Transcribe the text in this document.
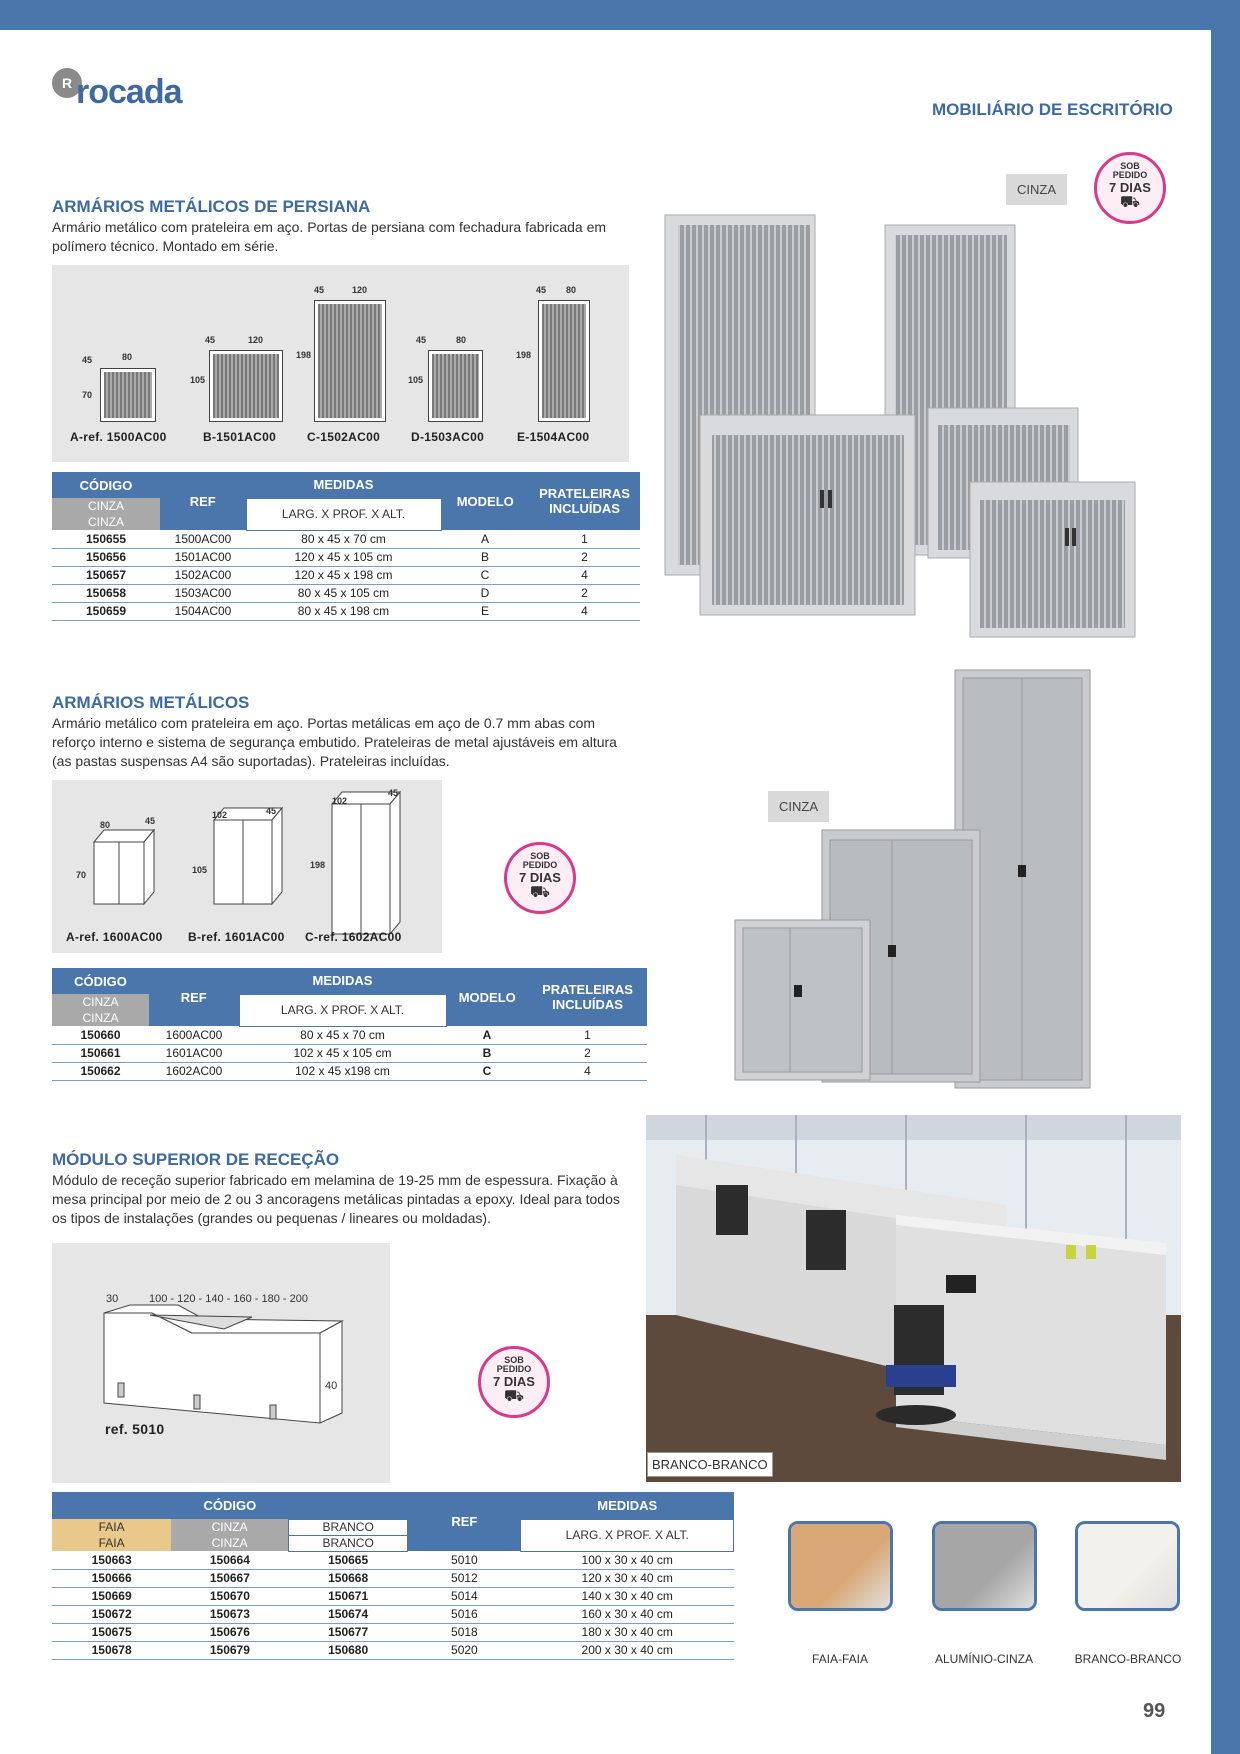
R rocada	MOBILIÁRIO DE ESCRITÓRIO
ARMÁRIOS METÁLICOS DE PERSIANA

Armário metálico com prateleira em aço. Portas de persiana com fechadura fabricada em

polímero técnico. Montado em série.

45	80
70
A-ref. 1500AC00
45	120
105
B-1501AC00
45	120
198
C-1502AC00
45	80
105
D-1503AC00
45 80
198
E-1504AC00
CÓDIGO	REF	MEDIDAS	MODELO	PRATELEIRAS
INCLUÍDAS
CINZA		LARG. X PROF. X ALT.		
CINZA				
150655	1500AC00	80 x 45 x 70 cm	A	1
150656	1501AC00	120 x 45 x 105 cm	B	2
150657	1502AC00	120 x 45 x 198 cm	C	4
150658	1503AC00	80 x 45 x 105 cm	D	2
150659	1504AC00	80 x 45 x 198 cm	E	4
CINZA
SOB
PEDIDO
7 DIAS
⛟
ARMÁRIOS METÁLICOS

Armário metálico com prateleira em aço. Portas metálicas em aço de 0.7 mm abas com

reforço interno e sistema de segurança embutido. Prateleiras de metal ajustáveis em altura

(as pastas suspensas A4 são suportadas). Prateleiras incluídas.

80	45
70
A-ref. 1600AC00
102	45
105
B-ref. 1601AC00
102
45
198
C-ref. 1602AC00
SOB
PEDIDO
7 DIAS
⛟
CÓDIGO	REF	MEDIDAS	MODELO	PRATELEIRAS
INCLUÍDAS
CINZA		LARG. X PROF. X ALT.		
CINZA				
150660	1600AC00	80 x 45 x 70 cm	A	1
150661	1601AC00	102 x 45 x 105 cm	B	2
150662	1602AC00	102 x 45 x198 cm	C	4
CINZA
MÓDULO SUPERIOR DE RECEÇÃO

Módulo de receção superior fabricado em melamina de 19-25 mm de espessura. Fixação à

mesa principal por meio de 2 ou 3 ancoragens metálicas pintadas a epoxy. Ideal para todos

os tipos de instalações (grandes ou pequenas / lineares ou moldadas).

30	100 - 120 - 140 - 160 - 180 - 200
40
ref. 5010
SOB
PEDIDO
7 DIAS
⛟
BRANCO-BRANCO
CÓDIGO			REF	MEDIDAS
FAIA	CINZA	BRANCO		LARG. X PROF. X ALT.
FAIA	CINZA	BRANCO		
150663	150664	150665	5010	100 x 30 x 40 cm
150666	150667	150668	5012	120 x 30 x 40 cm
150669	150670	150671	5014	140 x 30 x 40 cm
150672	150673	150674	5016	160 x 30 x 40 cm
150675	150676	150677	5018	180 x 30 x 40 cm
150678	150679	150680	5020	200 x 30 x 40 cm
FAIA-FAIA	ALUMÍNIO-CINZA	BRANCO-BRANCO
99
